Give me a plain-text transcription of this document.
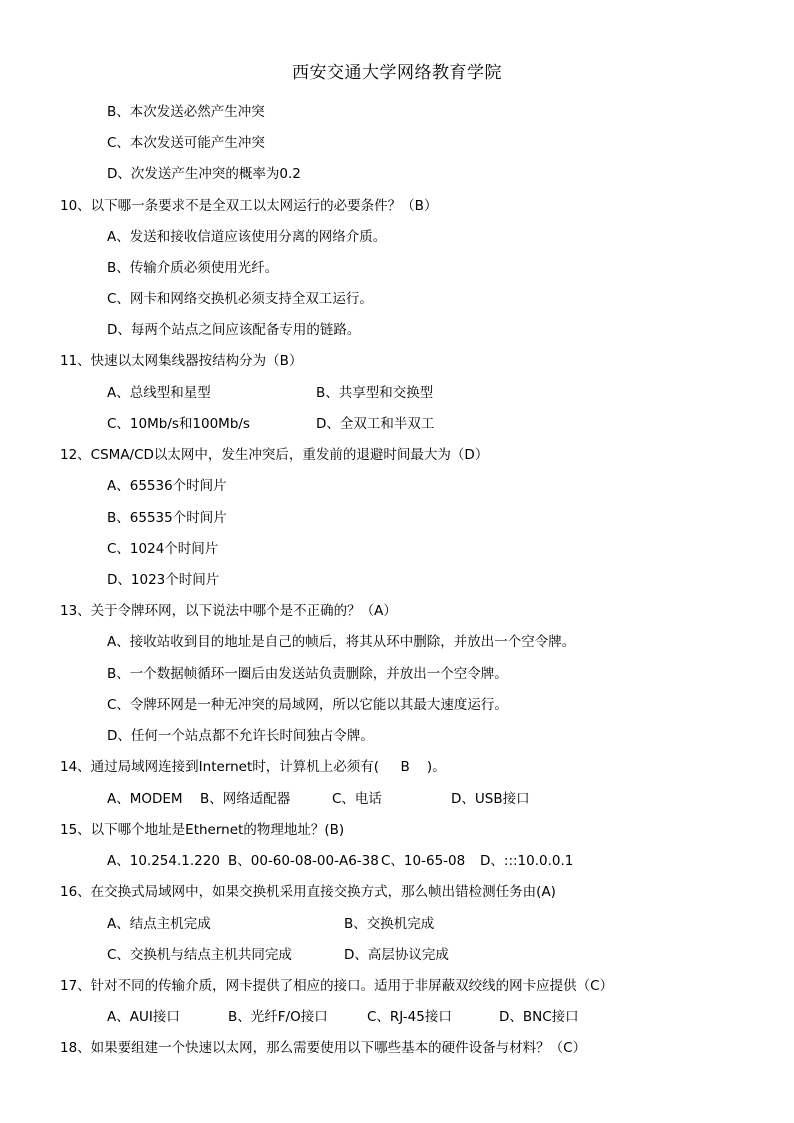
西安交通大学网络教育学院
B、本次发送必然产生冲突
C、本次发送可能产生冲突
D、次发送产生冲突的概率为0.2
10、以下哪一条要求不是全双工以太网运行的必要条件？（B）
A、发送和接收信道应该使用分离的网络介质。
B、传输介质必须使用光纤。
C、网卡和网络交换机必须支持全双工运行。
D、每两个站点之间应该配备专用的链路。
11、快速以太网集线器按结构分为（B）
A、总线型和星型	B、共享型和交换型
C、10Mb/s和100Mb/s	D、全双工和半双工
12、CSMA/CD以太网中，发生冲突后，重发前的退避时间最大为（D）
A、65536个时间片
B、65535个时间片
C、1024个时间片
D、1023个时间片
13、关于令牌环网，以下说法中哪个是不正确的？（A）
A、接收站收到目的地址是自己的帧后，将其从环中删除，并放出一个空令牌。
B、一个数据帧循环一圈后由发送站负责删除，并放出一个空令牌。
C、令牌环网是一种无冲突的局域网，所以它能以其最大速度运行。
D、任何一个站点都不允许长时间独占令牌。
14、通过局域网连接到Internet时，计算机上必须有(     B    )。
A、MODEM B、网络适配器	C、电话	D、USB接口
15、以下哪个地址是Ethernet的物理地址？(B)
A、10.254.1.220 B、00-60-08-00-A6-38 C、10-65-08 D、:::10.0.0.1
16、在交换式局域网中，如果交换机采用直接交换方式，那么帧出错检测任务由(A)
A、结点主机完成	B、交换机完成
C、交换机与结点主机共同完成	D、高层协议完成
17、针对不同的传输介质，网卡提供了相应的接口。适用于非屏蔽双绞线的网卡应提供（C）
A、AUI接口	B、光纤F/O接口	C、RJ-45接口	D、BNC接口
18、如果要组建一个快速以太网，那么需要使用以下哪些基本的硬件设备与材料？（C）
